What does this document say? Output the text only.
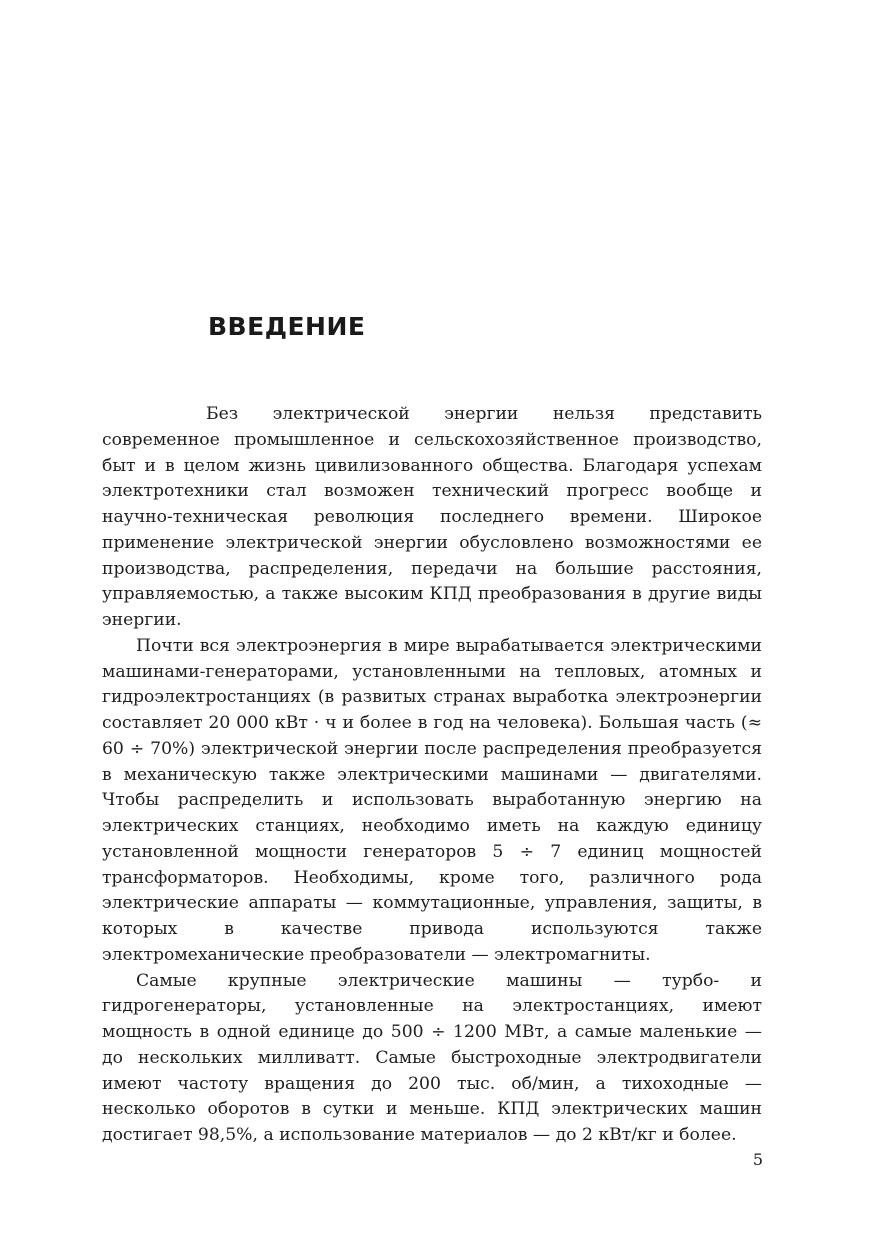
ВВЕДЕНИЕ

Без электрической энергии нельзя представить современное промышленное и сельскохозяйственное производство, быт и в целом жизнь цивилизованного общества. Благодаря успехам электротехники стал возможен технический прогресс вообще и научно-техническая революция последнего времени. Широкое применение электрической энергии обусловлено возможностями ее производства, распределения, передачи на большие расстояния, управляемостью, а также высоким КПД преобразования в другие виды энергии.

Почти вся электроэнергия в мире вырабатывается электрическими машинами-генераторами, установленными на тепловых, атомных и гидроэлектростанциях (в развитых странах выработка электроэнергии составляет 20 000 кВт · ч и более в год на человека). Большая часть (≈ 60 ÷ 70%) электрической энергии после распределения преобразуется в механическую также электрическими машинами — двигателями. Чтобы распределить и использовать выработанную энергию на электрических станциях, необходимо иметь на каждую единицу установленной мощности генераторов 5 ÷ 7 единиц мощностей трансформаторов. Необходимы, кроме того, различного рода электрические аппараты — коммутационные, управления, защиты, в которых в качестве привода используются также электромеханические преобразователи — электромагниты.

Самые крупные электрические машины — турбо- и гидрогенераторы, установленные на электростанциях, имеют мощность в одной единице до 500 ÷ 1200 МВт, а самые маленькие — до нескольких милливатт. Самые быстроходные электродвигатели имеют частоту вращения до 200 тыс. об/мин, а тихоходные — несколько оборотов в сутки и меньше. КПД электрических машин достигает 98,5%, а использование материалов — до 2 кВт/кг и более.

5
